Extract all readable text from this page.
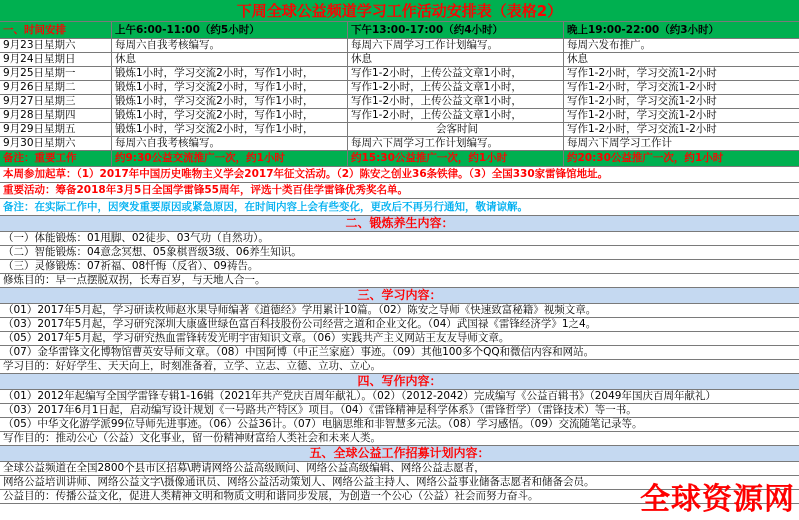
下周全球公益频道学习工作活动安排表（表格2）
一、时间安排	上午6:00-11:00（约5小时）	下午13:00-17:00（约4小时）	晚上19:00-22:00（约3小时）
9月23日星期六	每周六自我考核编写。	每周六下周学习工作计划编写。	每周六发布推广。
9月24日星期日	休息	休息	休息
9月25日星期一	锻炼1小时，学习交流2小时，写作1小时，	写作1-2小时，上传公益文章1小时，	写作1-2小时，学习交流1-2小时
9月26日星期二	锻炼1小时，学习交流2小时，写作1小时，	写作1-2小时，上传公益文章1小时，	写作1-2小时，学习交流1-2小时
9月27日星期三	锻炼1小时，学习交流2小时，写作1小时，	写作1-2小时，上传公益文章1小时，	写作1-2小时，学习交流1-2小时
9月28日星期四	锻炼1小时，学习交流2小时，写作1小时，	写作1-2小时，上传公益文章1小时，	写作1-2小时，学习交流1-2小时
9月29日星期五	锻炼1小时，学习交流2小时，写作1小时，	会客时间	写作1-2小时，学习交流1-2小时
9月30日星期六	每周六自我考核编写。	每周六下周学习工作计划编写。	每周六下周学习工作计
备注：重要工作	约9:30公益交流推广一次，约1小时	约15:30公益推广一次，约1小时	约20:30公益推广一次，约1小时
本周参加起草：（1）2017年中国历史唯物主义学会2017年征文活动。（2）陈安之创业36条铁律。（3）全国330家雷锋馆地址。
重要活动：筹备2018年3月5日全国学雷锋55周年，评选十类百佳学雷锋优秀奖名单。
备注：在实际工作中，因突发重要原因或紧急原因，在时间内容上会有些变化，更改后不再另行通知，敬请谅解。
二、锻炼养生内容：
（一）体能锻炼：01甩脚、02徒步、03气功（自然功）。
（二）智能锻炼：04意念冥想、05象棋晋级3级、06养生知识。
（三）灵修锻炼：07祈福、08忏悔（反省）、09祷告。
修炼目的：早一点摆脱双拐，长寿百岁，与天地人合一。
三、学习内容：
（01）2017年5月起，学习研读枚师赵氷果导师编著《道德经》学用累计10篇。（02）陈安之导师《快速致富秘籍》视频文章。
（03）2017年5月起，学习研究深圳大康盛世绿色富百科技股份公司经营之道和企业文化。（04）武国禄《雷锋经济学》1之4。
（05）2017年5月起，学习研究热血雷锋转发光明宇宙知识文章。（06）实践共产主义网站王友友导师文章。
（07）金华雷锋文化博物馆曹英安导师文章。（08）中国阿博（中正兰家庭）事迹。（09）其他100多个QQ和微信内容和网站。
学习目的：好好学生、天天向上，时刻准备着，立学、立志、立德、立功、立心。
四、写作内容：
（01）2012年起编写全国学雷锋专辑1-16辑（2021年共产党庆百周年献礼）。（02）（2012-2042）完成编写《公益百辑书》（2049年国庆百周年献礼）
（03）2017年6月1日起，启动编写设计规划《一号路共产特区》项目。（04）《雷锋精神是科学体系》（雷锋哲学）（雷锋技术）等一书。
（05）中华文化游学派99位导师先进事迹。（06）公益36计。（07）电脑思维和非智慧多元法。（08）学习感悟。（09）交流随笔记录等。
写作目的：推动公心（公益）文化事业，留一份精神财富给人类社会和未来人类。
五、全球公益工作招募计划内容：
全球公益频道在全国2800个县市区招募\聘请网络公益高级顾问、网络公益高级编辑、网络公益志愿者，
网络公益培训讲师、网络公益文字\摄像通讯员、网络公益活动策划人、网络公益主持人、网络公益事业储备志愿者和储备会员。
公益目的：传播公益文化，促进人类精神文明和物质文明和谐同步发展，为创造一个公心（公益）社会而努力奋斗。	全球资源网
